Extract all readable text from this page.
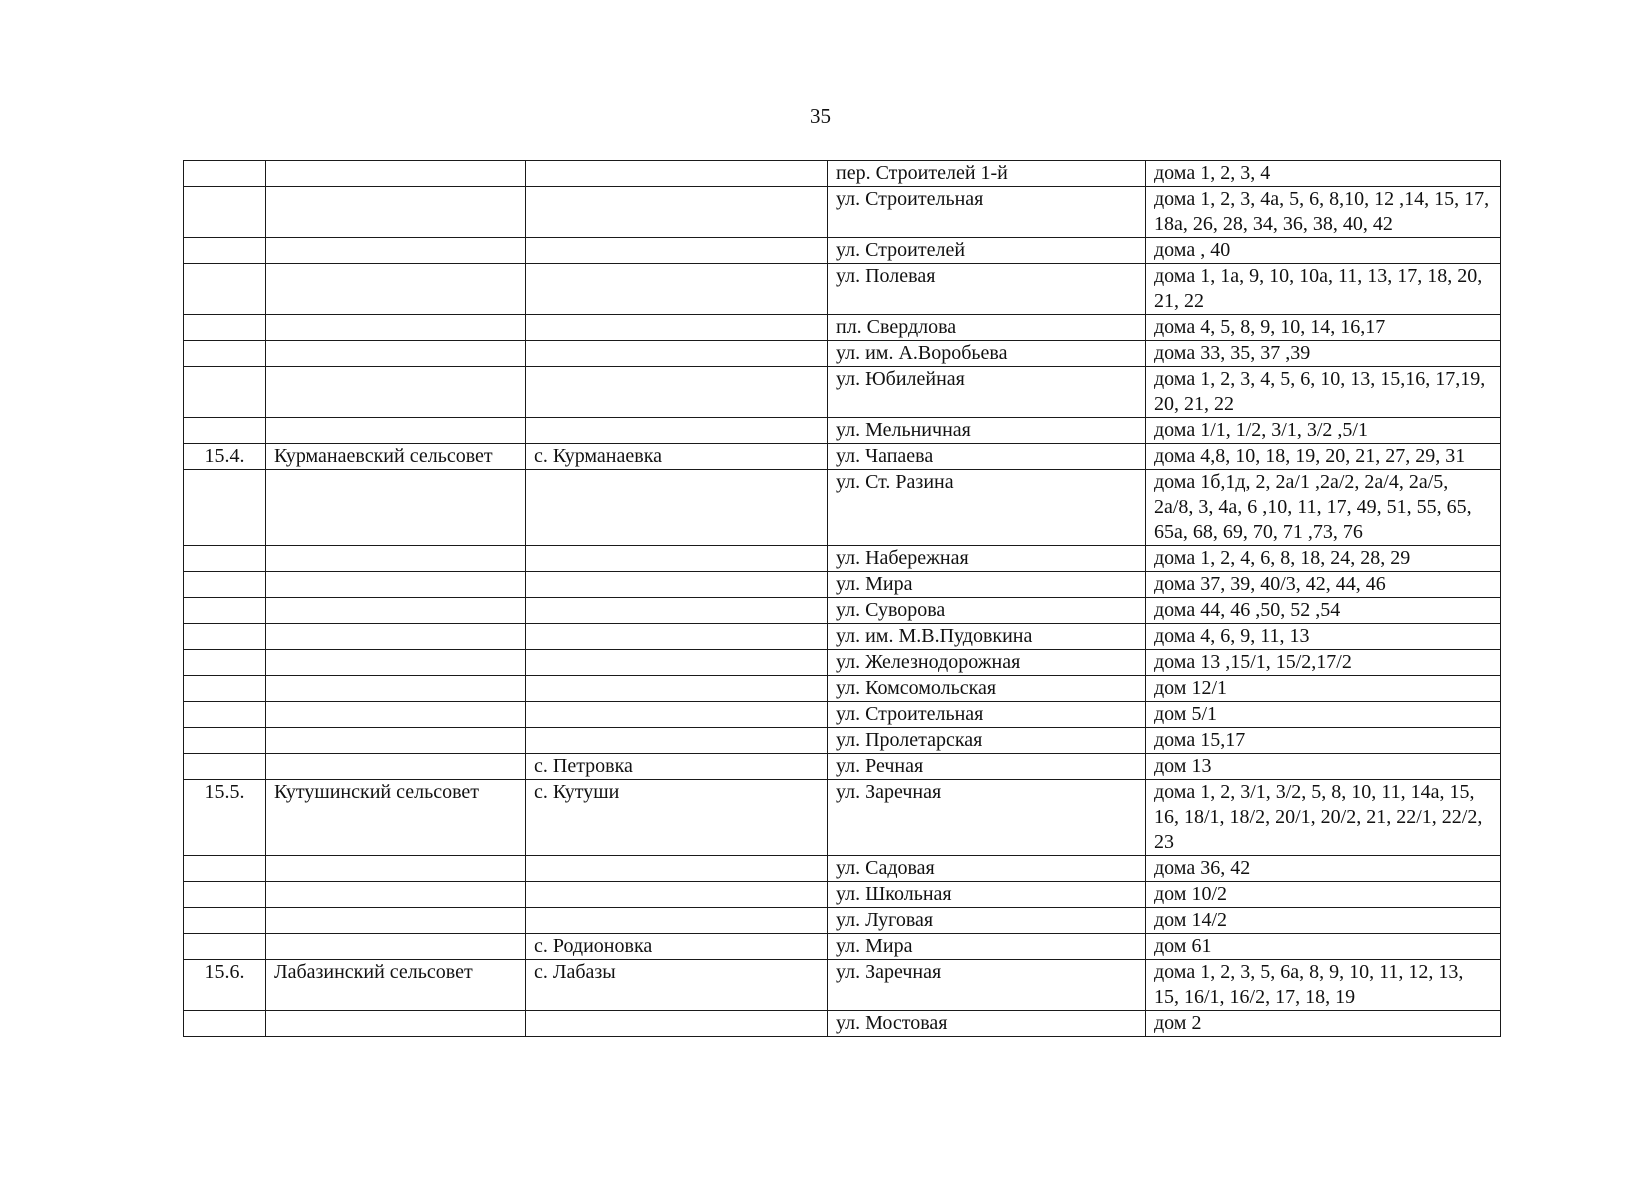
35
			пер. Строителей 1-й	дома 1, 2, 3, 4
			ул. Строительная	дома 1, 2, 3, 4а, 5, 6, 8,10, 12 ,14, 15, 17, 18а, 26, 28, 34, 36, 38, 40, 42
			ул. Строителей	дома , 40
			ул. Полевая	дома 1, 1а, 9, 10, 10а, 11, 13, 17, 18, 20, 21, 22
			пл. Свердлова	дома 4, 5, 8, 9, 10, 14, 16,17
			ул. им. А.Воробьева	дома 33, 35, 37 ,39
			ул. Юбилейная	дома 1, 2, 3, 4, 5, 6, 10, 13, 15,16, 17,19, 20, 21, 22
			ул. Мельничная	дома 1/1, 1/2, 3/1, 3/2 ,5/1
15.4.	Курманаевский сельсовет	с. Курманаевка	ул. Чапаева	дома 4,8, 10, 18, 19, 20, 21, 27, 29, 31
			ул. Ст. Разина	дома 1б,1д, 2, 2а/1 ,2а/2, 2а/4, 2а/5, 2а/8, 3, 4а, 6 ,10, 11, 17, 49, 51, 55, 65, 65а, 68, 69, 70, 71 ,73, 76
			ул. Набережная	дома 1, 2, 4, 6, 8, 18, 24, 28, 29
			ул. Мира	дома 37, 39, 40/3, 42, 44, 46
			ул. Суворова	дома 44, 46 ,50, 52 ,54
			ул. им. М.В.Пудовкина	дома 4, 6, 9, 11, 13
			ул. Железнодорожная	дома 13 ,15/1, 15/2,17/2
			ул. Комсомольская	дом 12/1
			ул. Строительная	дом 5/1
			ул. Пролетарская	дома 15,17
		с. Петровка	ул. Речная	дом 13
15.5.	Кутушинский сельсовет	с. Кутуши	ул. Заречная	дома 1, 2, 3/1, 3/2, 5, 8, 10, 11, 14а, 15, 16, 18/1, 18/2, 20/1, 20/2, 21, 22/1, 22/2, 23
			ул. Садовая	дома 36, 42
			ул. Школьная	дом 10/2
			ул. Луговая	дом 14/2
		с. Родионовка	ул. Мира	дом 61
15.6.	Лабазинский сельсовет	с. Лабазы	ул. Заречная	дома 1, 2, 3, 5, 6а, 8, 9, 10, 11, 12, 13, 15, 16/1, 16/2, 17, 18, 19
			ул. Мостовая	дом 2
